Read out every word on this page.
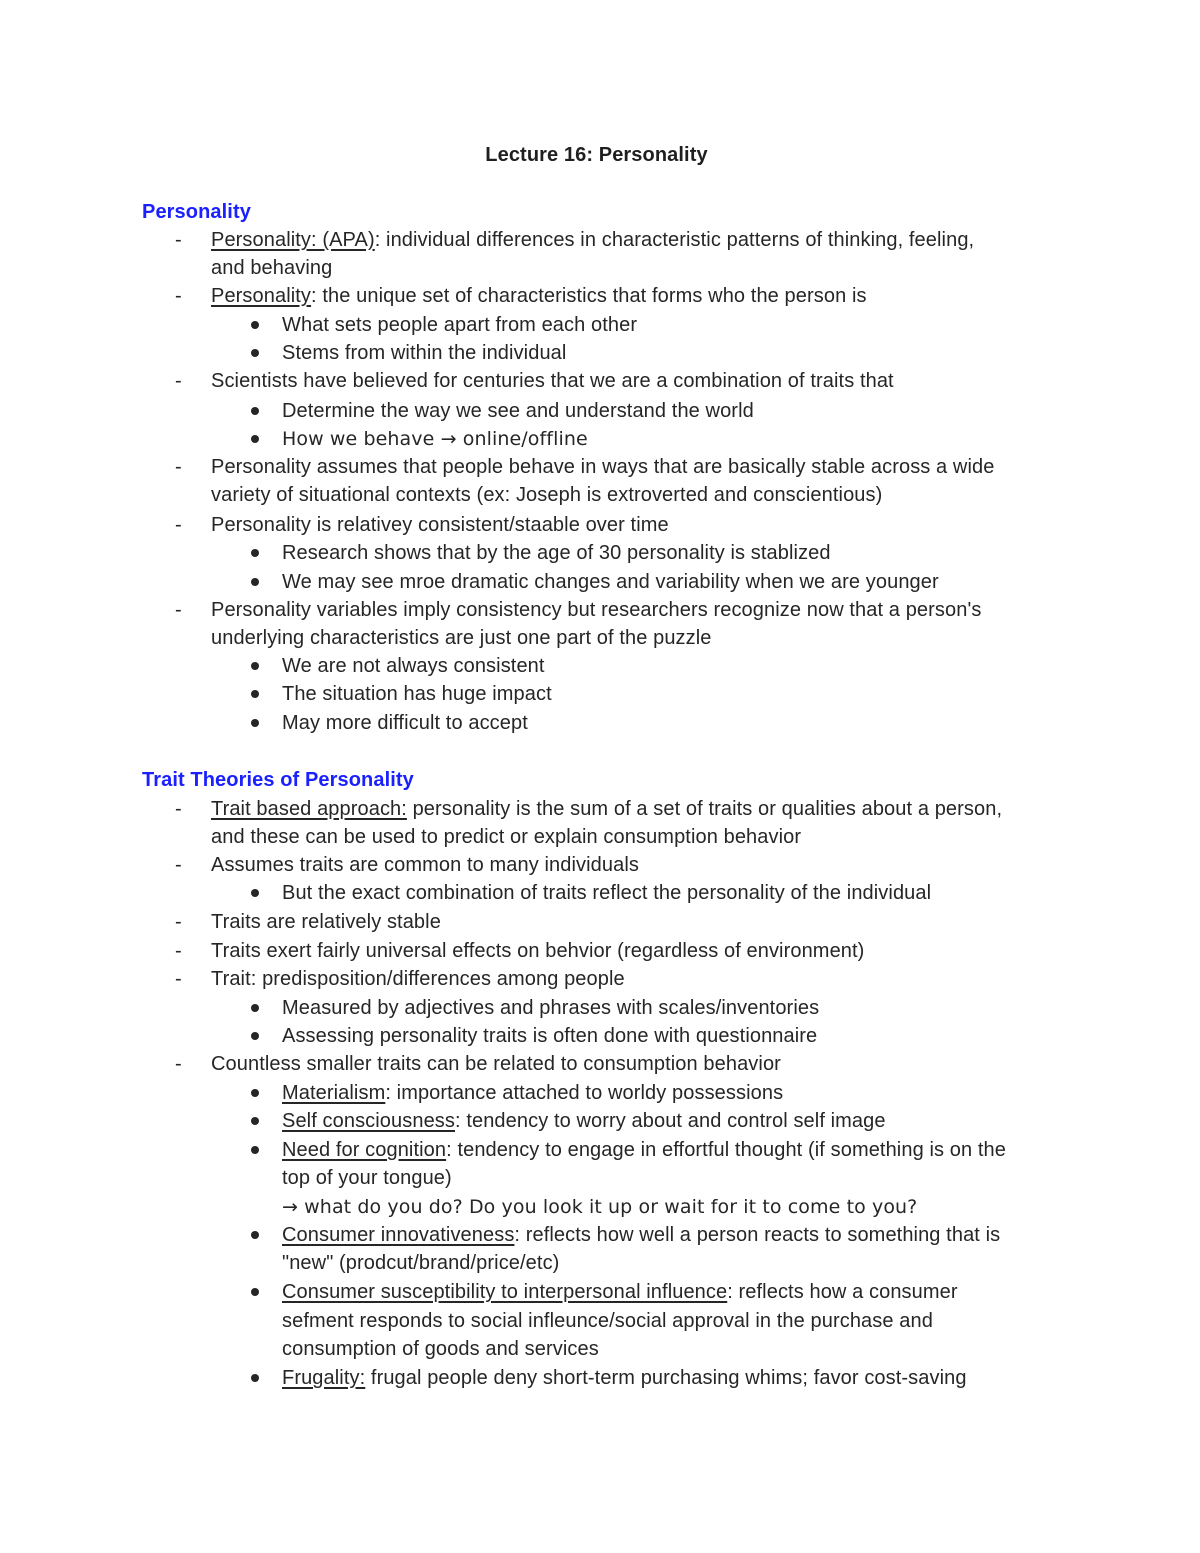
Lecture 16: Personality
Personality
- Personality: (APA): individual differences in characteristic patterns of thinking, feeling,
and behaving
- Personality: the unique set of characteristics that forms who the person is
What sets people apart from each other
Stems from within the individual
- Scientists have believed for centuries that we are a combination of traits that
Determine the way we see and understand the world
How we behave → online/offline
- Personality assumes that people behave in ways that are basically stable across a wide
variety of situational contexts (ex: Joseph is extroverted and conscientious)
- Personality is relativey consistent/staable over time
Research shows that by the age of 30 personality is stablized
We may see mroe dramatic changes and variability when we are younger
- Personality variables imply consistency but researchers recognize now that a person's
underlying characteristics are just one part of the puzzle
We are not always consistent
The situation has huge impact
May more difficult to accept
Trait Theories of Personality
- Trait based approach: personality is the sum of a set of traits or qualities about a person,
and these can be used to predict or explain consumption behavior
- Assumes traits are common to many individuals
But the exact combination of traits reflect the personality of the individual
- Traits are relatively stable
- Traits exert fairly universal effects on behvior (regardless of environment)
- Trait: predisposition/differences among people
Measured by adjectives and phrases with scales/inventories
Assessing personality traits is often done with questionnaire
- Countless smaller traits can be related to consumption behavior
Materialism: importance attached to worldy possessions
Self consciousness: tendency to worry about and control self image
Need for cognition: tendency to engage in effortful thought (if something is on the
top of your tongue)
→ what do you do? Do you look it up or wait for it to come to you?
Consumer innovativeness: reflects how well a person reacts to something that is
"new" (prodcut/brand/price/etc)
Consumer susceptibility to interpersonal influence: reflects how a consumer
sefment responds to social infleunce/social approval in the purchase and
consumption of goods and services
Frugality: frugal people deny short-term purchasing whims; favor cost-saving
